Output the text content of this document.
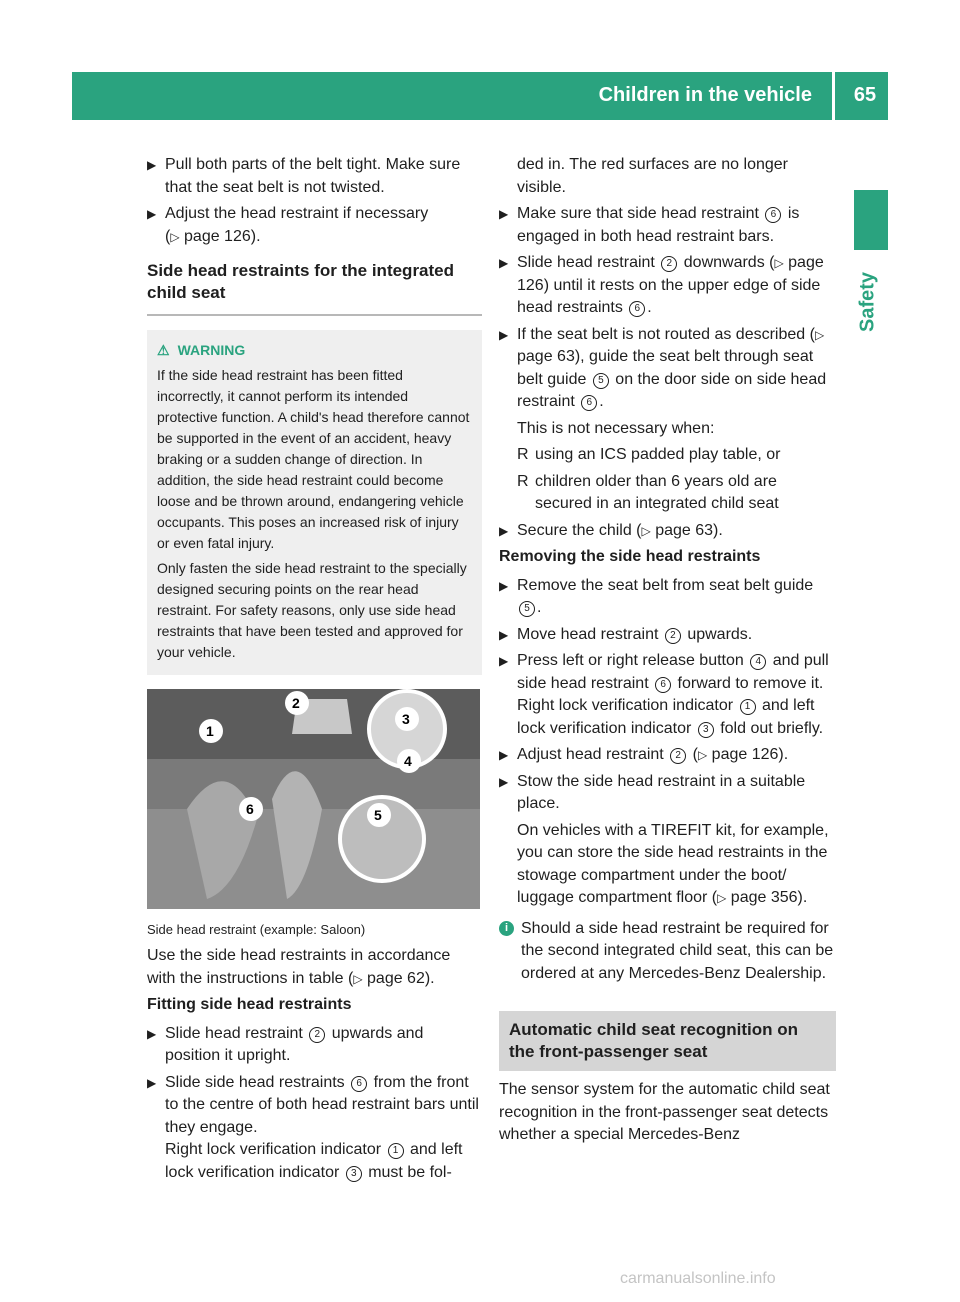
Children in the vehicle	65
Safety
▶ Pull both parts of the belt tight. Make sure that the seat belt is not twisted.
▶ Adjust the head restraint if necessary
(▷ page 126).
Side head restraints for the integrated child seat
⚠ WARNING

If the side head restraint has been fitted incorrectly, it cannot perform its intended protective function. A child's head therefore cannot be supported in the event of an accident, heavy braking or a sudden change of direction. In addition, the side head restraint could become loose and be thrown around, endangering vehicle occupants. This poses an increased risk of injury or even fatal injury.

Only fasten the side head restraint to the specially designed securing points on the rear head restraint. For safety reasons, only use side head restraints that have been tested and approved for your vehicle.

1
2
3
4
5
6
Side head restraint (example: Saloon)
Use the side head restraints in accordance with the instructions in table (▷ page 62).
Fitting side head restraints
▶ Slide head restraint 2 upwards and position it upright.
▶ Slide side head restraints 6 from the front to the centre of both head restraint bars until they engage.
Right lock verification indicator 1 and left lock verification indicator 3 must be fol-
ded in. The red surfaces are no longer visible.
▶ Make sure that side head restraint 6 is engaged in both head restraint bars.
▶ Slide head restraint 2 downwards (▷ page 126) until it rests on the upper edge of side head restraints 6 .
▶ If the seat belt is not routed as described (▷ page 63), guide the seat belt through seat belt guide 5 on the door side on side head restraint 6 .
This is not necessary when:
R using an ICS padded play table, or
R children older than 6 years old are secured in an integrated child seat
▶ Secure the child (▷ page 63).
Removing the side head restraints
▶ Remove the seat belt from seat belt guide
5 .
▶ Move head restraint 2 upwards.
▶ Press left or right release button 4 and pull side head restraint 6 forward to remove it. Right lock verification indicator 1 and left lock verification indicator 3 fold out briefly.
▶ Adjust head restraint 2 (▷ page 126).
▶ Stow the side head restraint in a suitable place.
On vehicles with a TIREFIT kit, for example, you can store the side head restraints in the stowage compartment under the boot/ luggage compartment floor (▷ page 356).
i Should a side head restraint be required for the second integrated child seat, this can be ordered at any Mercedes-Benz Dealership.
Automatic child seat recognition on the front-passenger seat
The sensor system for the automatic child seat recognition in the front-passenger seat detects whether a special Mercedes-Benz
carmanualsonline.info
